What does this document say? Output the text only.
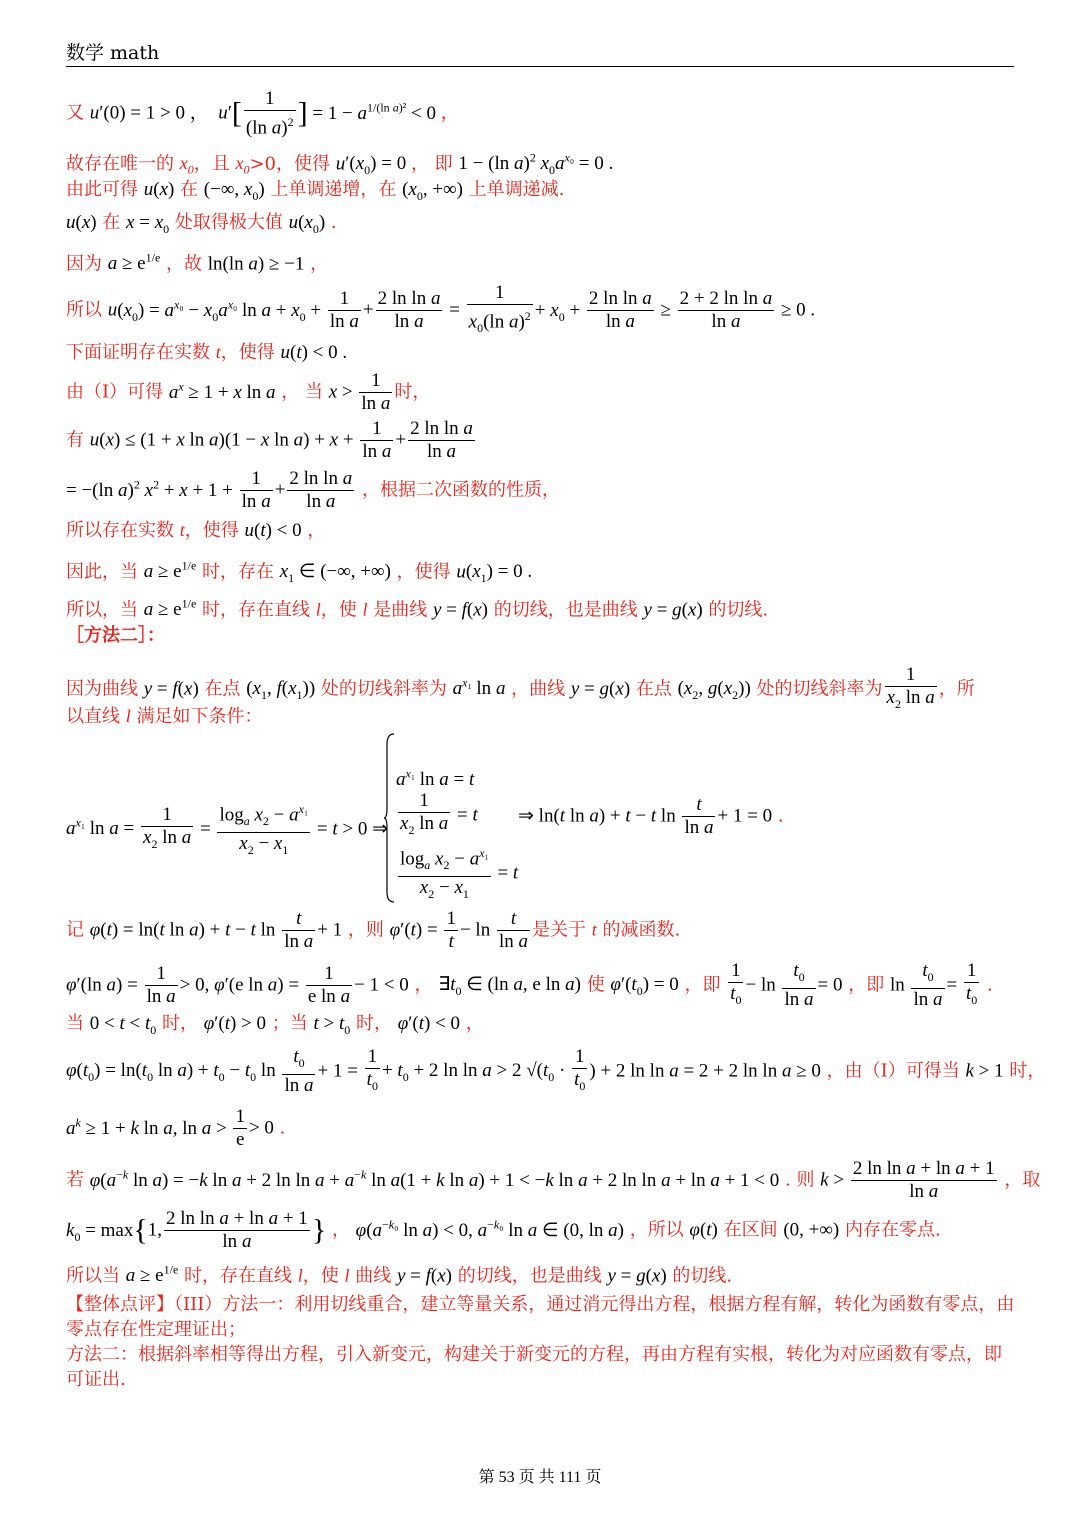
数学 math
又 u′(0) = 1 > 0 ，  $u'[ \frac{1}{(\ln a)^2}$ ] = $1 - a^{1/(ln a)^2} < 0$ ，
故存在唯一的 $x_0$，且 $x_0>0$，使得 $u'(x_0) = 0$ ， 即 1 − (ln a)$^2$ $x_0a^{x_0} = 0$ .
由此可得 u(x) 在 (−∞, $x_0$) 上单调递增，在 ($x_0$, +∞) 上单调递减.
u(x) 在 $x = x_0$ 处取得极大值 $u(x_0)$ .
因为 $a \ge e^{1/e}$ ，故 ln(ln a) ≥ −1 ，
所以 $u(x_0) = a^{x_0} - x_0a^{x_0}$ $\ln a + x_0 + \frac{1}{\text{ln a}} + \frac{\text{2 ln ln a}}{\text{ln a}} = \frac{1}{x_0(\ln a)^2} + x_0 + \frac{\text{2 ln ln a}}{\text{ln a}} \ge \frac{\text{2 + 2 ln ln a}}{\text{ln a}} \ge 0$ .
下面证明存在实数 t，使得 u(t) < 0 .
由（I）可得 $a^x \ge 1 + x$ ln a ， 当 $x > \frac{1}{\text{ln a}}$ 时，
有 u(x) ≤ (1 + x ln a)(1 − x $\ln a) + x + \frac{1}{\text{ln a}} + \frac{\text{2 ln ln a}}{\text{ln a}}$
= −(ln a)$^2$ $x^2 + x + 1 + \frac{1}{\text{ln a}} + \frac{\text{2 ln ln a}}{\text{ln a}}$ ，根据二次函数的性质，
所以存在实数 t，使得 u(t) < 0 ，
因此，当 $a \ge e^{1/e}$ 时，存在 $x_1$ ∈ (−∞, +∞) ，使得 $u(x_1) = 0$ .
所以，当 $a \ge e^{1/e}$ 时，存在直线 l，使 l 是曲线 y = f(x) 的切线，也是曲线 y = g(x) 的切线.
［方法二］：
因为曲线 y = f(x) 在点 ($x_1$, $f(x_1)$) 处的切线斜率为 $a^{x_1}$ ln a ，曲线 y = g(x) 在点 ($x_2$, $g(x_2)$) 处的切线斜率为 $\frac{1}{x_2 \ln a}$ ，所
以直线 l 满足如下条件：
$a^{x_1}$ $\ln a = \frac{1}{x_2 \ln a} = \frac{\log_a x_2 - a^{x_1}}{x_2 - x_1} = t > 0$ ⇒
$a^{x_1}$ ln a = t
$\frac{1}{x_2 \ln a} = t$
$\frac{\log_a x_2 - a^{x_1}}{x_2 - x_1} = t$
⇒ ln(t ln a) + t − t $\ln \frac{t}{\text{ln a}} + 1 = 0$ .
记 φ(t) = ln(t ln a) + t − t $\ln \frac{t}{\text{ln a}} + 1$ ，则 $\varphi'(t) = \frac{1}{t} - \ln \frac{t}{\text{ln a}}$ 是关于 t 的减函数.
φ′(ln $a) = \frac{1}{\text{ln a}} > 0$, φ′(e $\ln a) = \frac{1}{\text{e ln a}} - 1 < 0$ ， $\exists t_0$ ∈ (ln a, e ln a) 使 $\varphi'(t_0) = 0$ ，即 $\frac{1}{t_0} - \ln \frac{t_0}{\text{ln a}} = 0$ ，即 $\ln \frac{t_0}{\text{ln a}} = \frac{1}{t_0}$ .
当 $0 < t < t_0$ 时， φ′(t) > 0 ；当 $t > t_0$ 时， φ′(t) < 0 ，
$\varphi(t_0) = \ln(t_0$ $\ln a) + t_0 - t_0$ $\ln \frac{t_0}{\text{ln a}} + 1 = \frac{1}{t_0} + t_0 + 2$ ln ln a > 2 $√(t_0 \cdot \frac{1}{t_0}$ ) + 2 ln ln a = 2 + 2 ln ln a ≥ 0 ，由（Ⅰ）可得当 k > 1 时，
$a^k \ge 1 + k$ ln a, $\ln a > \frac{1}{e} > 0$ .
若 $\varphi(a^{-k}$ ln a) = −k ln a + 2 $\ln \ln a + a^{-k}$ ln a(1 + k ln a) + 1 < −k ln a + 2 ln ln a + ln a + 1 < 0 . 则 $k > \frac{\text{2 ln ln a + ln a + 1}}{\text{ln a}}$ ，取
$k_0 = \max\{1$, $\frac{\text{2 ln ln a + ln a + 1}}{\text{ln a}}$ } ， $\varphi(a^{-k_0}$ ln a) < 0, $a^{-k_0}$ ln a ∈ (0, ln a) ，所以 φ(t) 在区间 (0, +∞) 内存在零点.
所以当 $a \ge e^{1/e}$ 时，存在直线 l，使 l 曲线 y = f(x) 的切线，也是曲线 y = g(x) 的切线.
【整体点评】（III）方法一：利用切线重合，建立等量关系，通过消元得出方程，根据方程有解，转化为函数有零点，由零点存在性定理证出；
方法二：根据斜率相等得出方程，引入新变元，构建关于新变元的方程，再由方程有实根，转化为对应函数有零点，即可证出.
第 53 页 共 111 页
